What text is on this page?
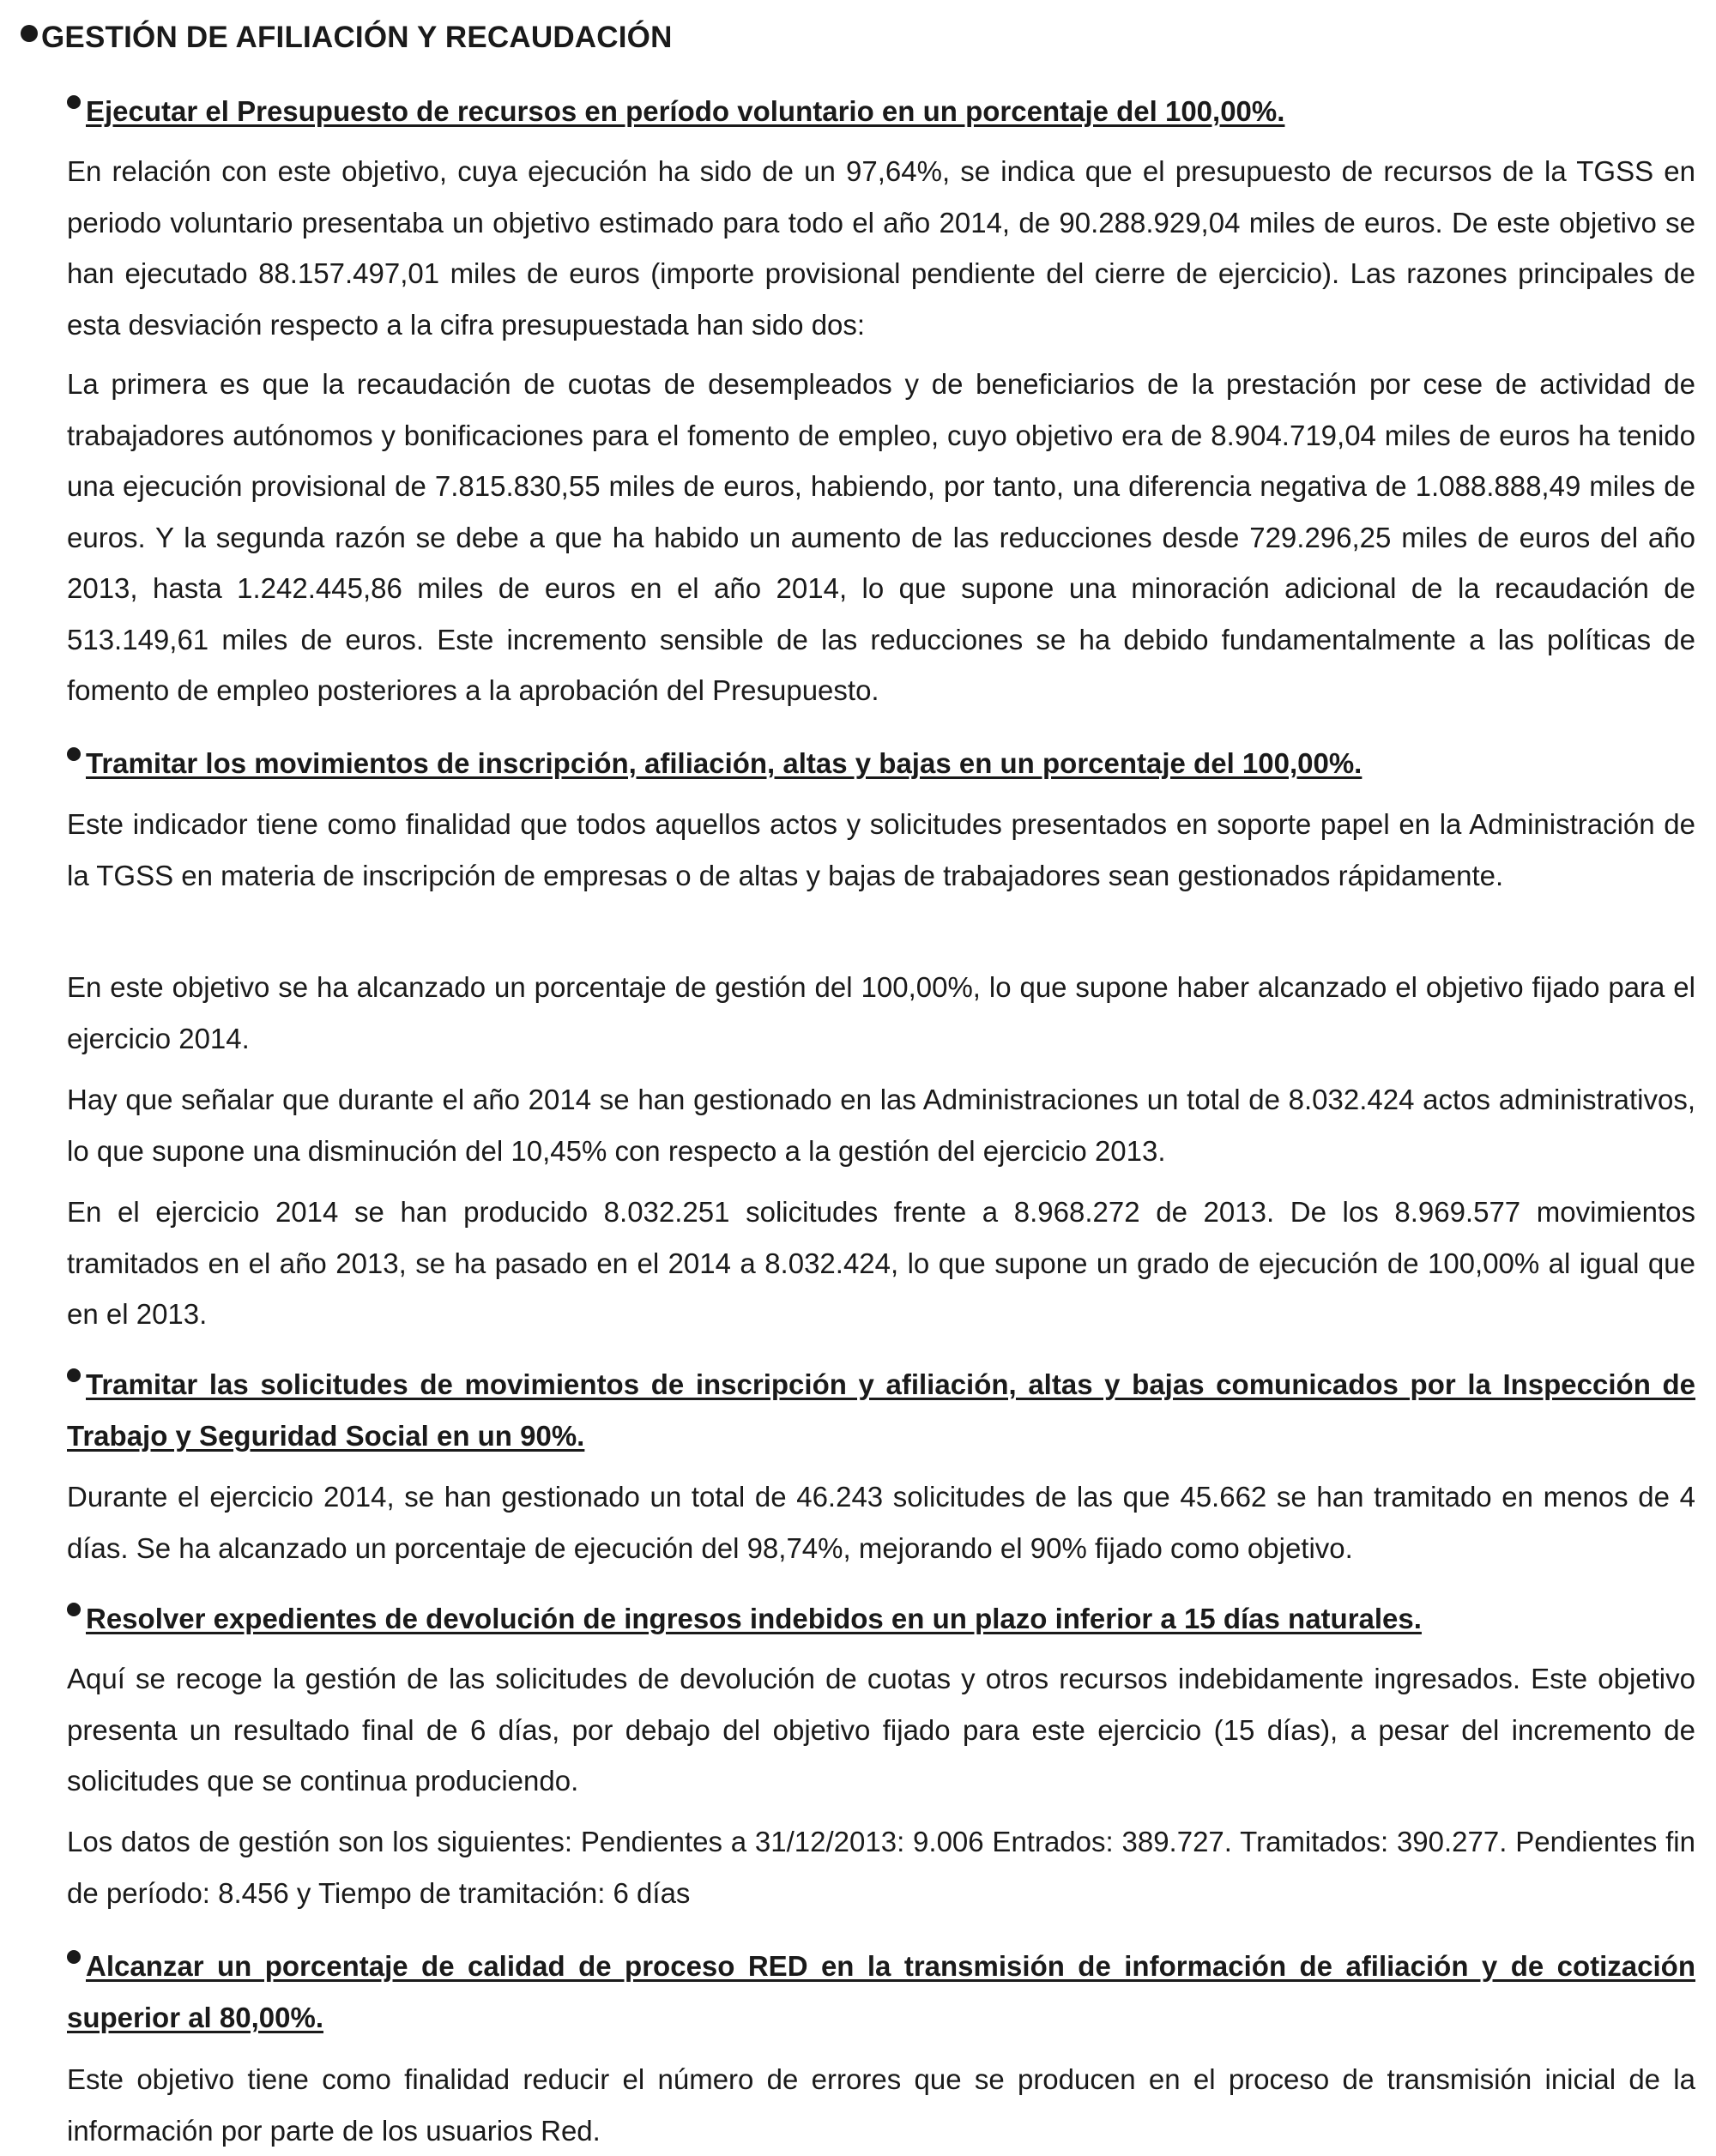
GESTIÓN DE AFILIACIÓN Y RECAUDACIÓN
Ejecutar el Presupuesto de recursos en período voluntario en un porcentaje del 100,00%.

En relación con este objetivo, cuya ejecución ha sido de un 97,64%, se indica que el presupuesto de recursos de la TGSS en periodo voluntario presentaba un objetivo estimado para todo el año 2014, de 90.288.929,04 miles de euros. De este objetivo se han ejecutado 88.157.497,01 miles de euros (importe provisional pendiente del cierre de ejercicio). Las razones principales de esta desviación respecto a la cifra presupuestada han sido dos:

La primera es que la recaudación de cuotas de desempleados y de beneficiarios de la prestación por cese de actividad de trabajadores autónomos y bonificaciones para el fomento de empleo, cuyo objetivo era de 8.904.719,04 miles de euros ha tenido una ejecución provisional de 7.815.830,55 miles de euros, habiendo, por tanto, una diferencia negativa de 1.088.888,49 miles de euros. Y la segunda razón se debe a que ha habido un aumento de las reducciones desde 729.296,25 miles de euros del año 2013, hasta 1.242.445,86 miles de euros en el año 2014, lo que supone una minoración adicional de la recaudación de 513.149,61 miles de euros. Este incremento sensible de las reducciones se ha debido fundamentalmente a las políticas de fomento de empleo posteriores a la aprobación del Presupuesto.

Tramitar los movimientos de inscripción, afiliación, altas y bajas en un porcentaje del 100,00%.

Este indicador tiene como finalidad que todos aquellos actos y solicitudes presentados en soporte papel en la Administración de la TGSS en materia de inscripción de empresas o de altas y bajas de trabajadores sean gestionados rápidamente.

En este objetivo se ha alcanzado un porcentaje de gestión del 100,00%, lo que supone haber alcanzado el objetivo fijado para el ejercicio 2014.

Hay que señalar que durante el año 2014 se han gestionado en las Administraciones un total de 8.032.424 actos administrativos, lo que supone una disminución del 10,45% con respecto a la gestión del ejercicio 2013.

En el ejercicio 2014 se han producido 8.032.251 solicitudes frente a 8.968.272 de 2013. De los 8.969.577 movimientos tramitados en el año 2013, se ha pasado en el 2014 a 8.032.424, lo que supone un grado de ejecución de 100,00% al igual que en el 2013.

Tramitar las solicitudes de movimientos de inscripción y afiliación, altas y bajas comunicados por la Inspección de Trabajo y Seguridad Social en un 90%.

Durante el ejercicio 2014, se han gestionado un total de 46.243 solicitudes de las que 45.662 se han tramitado en menos de 4 días. Se ha alcanzado un porcentaje de ejecución del 98,74%, mejorando el 90% fijado como objetivo.

Resolver expedientes de devolución de ingresos indebidos en un plazo inferior a 15 días naturales.

Aquí se recoge la gestión de las solicitudes de devolución de cuotas y otros recursos indebidamente ingresados. Este objetivo presenta un resultado final de 6 días, por debajo del objetivo fijado para este ejercicio (15 días), a pesar del incremento de solicitudes que se continua produciendo.

Los datos de gestión son los siguientes: Pendientes a 31/12/2013: 9.006 Entrados: 389.727. Tramitados: 390.277. Pendientes fin de período: 8.456 y Tiempo de tramitación: 6 días

Alcanzar un porcentaje de calidad de proceso RED en la transmisión de información de afiliación y de cotización superior al 80,00%.

Este objetivo tiene como finalidad reducir el número de errores que se producen en el proceso de transmisión inicial de la información por parte de los usuarios Red.
